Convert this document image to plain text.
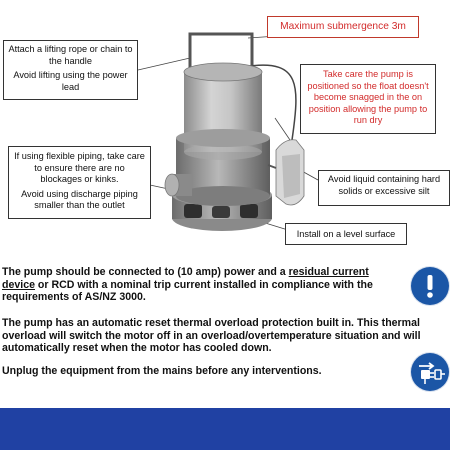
Maximum submergence 3m

Attach a lifting rope or chain to the handle

Avoid lifting using the power lead

Take care the pump is positioned so the float doesn't become snagged in the on position allowing the pump to run dry

If using flexible piping, take care to ensure there are no blockages or kinks.

Avoid using discharge piping smaller than the outlet

Avoid liquid containing hard solids or excessive silt

Install on a level surface

The pump should be connected to (10 amp) power and a residual current device or RCD with a nominal trip current installed in compliance with the requirements of AS/NZ 3000.

The pump has an automatic reset thermal overload protection built in. This thermal overload will switch the motor off in an overload/overtemperature situation and will automatically reset when the motor has cooled down.

Unplug the equipment from the mains before any interventions.
